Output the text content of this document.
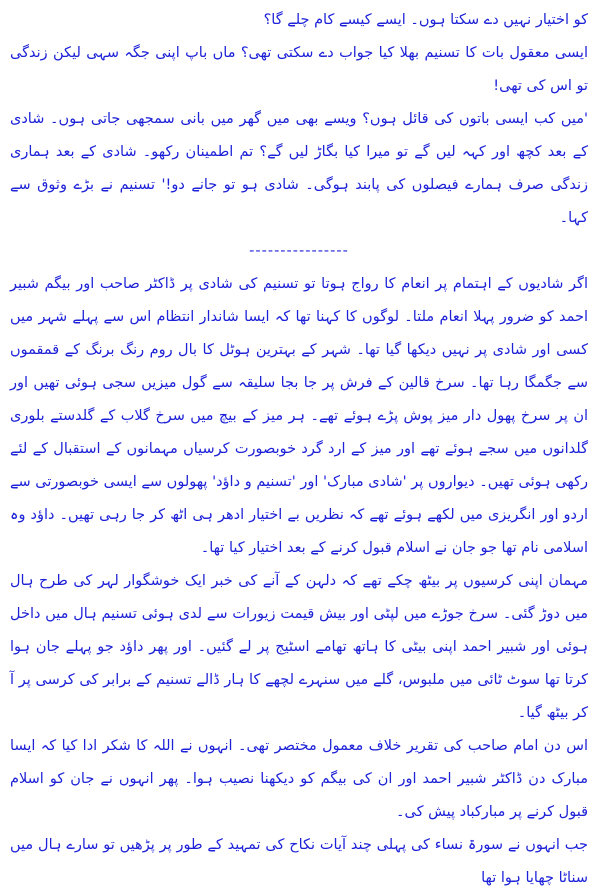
کو اختیار نہیں دے سکتا ہوں۔ ایسے کیسے کام چلے گا؟

ایسی معقول بات کا تسنیم بھلا کیا جواب دے سکتی تھی؟ ماں باپ اپنی جگہ سہی لیکن زندگی تو اس کی تھی!

'میں کب ایسی باتوں کی قائل ہوں؟ ویسے بھی میں گھر میں بانی سمجھی جاتی ہوں۔ شادی کے بعد کچھ اور کہہ لیں گے تو میرا کیا بگاڑ لیں گے؟ تم اطمینان رکھو۔ شادی کے بعد ہماری زندگی صرف ہمارے فیصلوں کی پابند ہوگی۔ شادی ہو تو جانے دو!' تسنیم نے بڑے وثوق سے کہا۔

----------------

اگر شادیوں کے اہتمام پر انعام کا رواج ہوتا تو تسنیم کی شادی پر ڈاکٹر صاحب اور بیگم شبیر احمد کو ضرور پہلا انعام ملتا۔ لوگوں کا کہنا تھا کہ ایسا شاندار انتظام اس سے پہلے شہر میں کسی اور شادی پر نہیں دیکھا گیا تھا۔ شہر کے بہترین ہوٹل کا بال روم رنگ برنگ کے قمقموں سے جگمگا رہا تھا۔ سرخ قالین کے فرش پر جا بجا سلیقہ سے گول میزیں سجی ہوئی تھیں اور ان پر سرخ پھول دار میز پوش پڑے ہوئے تھے۔ ہر میز کے بیچ میں سرخ گلاب کے گلدستے بلوری گلدانوں میں سجے ہوئے تھے اور میز کے ارد گرد خوبصورت کرسیاں مہمانوں کے استقبال کے لئے رکھی ہوئی تھیں۔ دیواروں پر 'شادی مبارک' اور 'تسنیم و داؤد' پھولوں سے ایسی خوبصورتی سے اردو اور انگریزی میں لکھے ہوئے تھے کہ نظریں بے اختیار ادھر ہی اٹھ کر جا رہی تھیں۔ داؤد وہ اسلامی نام تھا جو جان نے اسلام قبول کرنے کے بعد اختیار کیا تھا۔

مہمان اپنی کرسیوں پر بیٹھ چکے تھے کہ دلہن کے آنے کی خبر ایک خوشگوار لہر کی طرح ہال میں دوڑ گئی۔ سرخ جوڑے میں لپٹی اور بیش قیمت زیورات سے لدی ہوئی تسنیم ہال میں داخل ہوئی اور شبیر احمد اپنی بیٹی کا ہاتھ تھامے اسٹیج پر لے گئیں۔ اور پھر داؤد جو پہلے جان ہوا کرتا تھا سوٹ ٹائی میں ملبوس، گلے میں سنہرے لچھے کا ہار ڈالے تسنیم کے برابر کی کرسی پر آ کر بیٹھ گیا۔

اس دن امام صاحب کی تقریر خلاف معمول مختصر تھی۔ انہوں نے اللہ کا شکر ادا کیا کہ ایسا مبارک دن ڈاکٹر شبیر احمد اور ان کی بیگم کو دیکھنا نصیب ہوا۔ پھر انہوں نے جان کو اسلام قبول کرنے پر مبارکباد پیش کی۔

جب انہوں نے سورۃ نساء کی پہلی چند آیات نکاح کی تمہید کے طور پر پڑھیں تو سارے ہال میں سناٹا چھایا ہوا تھا
